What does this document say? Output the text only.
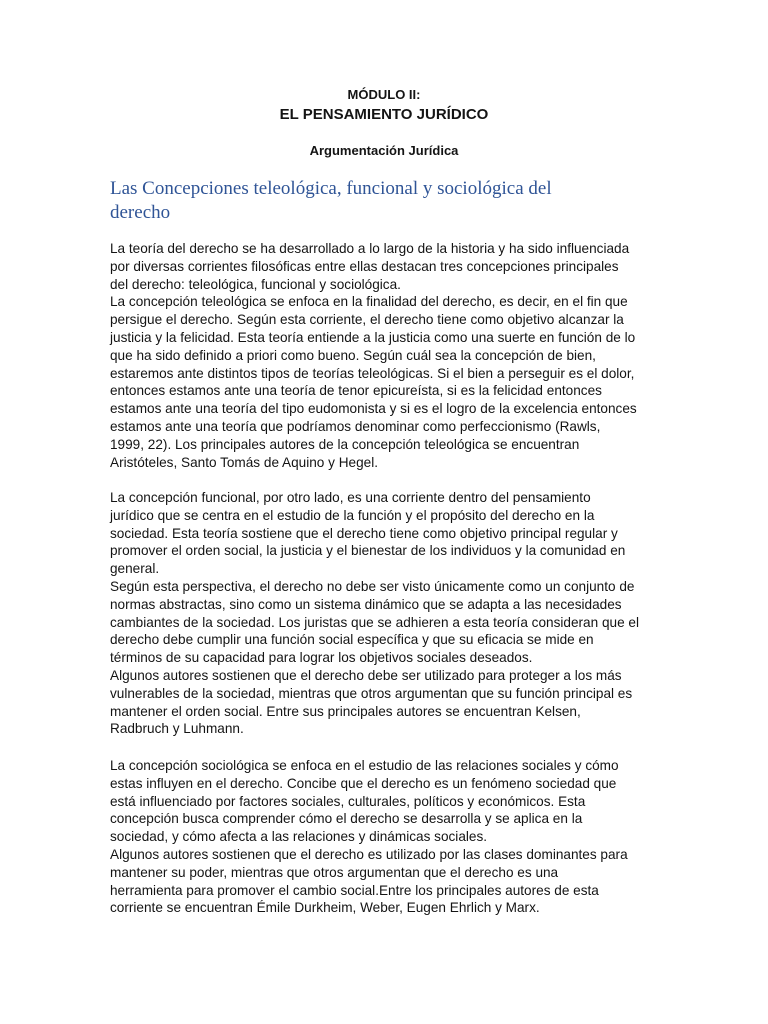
MÓDULO II:
EL PENSAMIENTO JURÍDICO
Argumentación Jurídica
Las Concepciones teleológica, funcional y sociológica del
derecho
La teoría del derecho se ha desarrollado a lo largo de la historia y ha sido influenciada
por diversas corrientes filosóficas entre ellas destacan tres concepciones principales
del derecho: teleológica, funcional y sociológica.
La concepción teleológica se enfoca en la finalidad del derecho, es decir, en el fin que
persigue el derecho. Según esta corriente, el derecho tiene como objetivo alcanzar la
justicia y la felicidad. Esta teoría entiende a la justicia como una suerte en función de lo
que ha sido definido a priori como bueno. Según cuál sea la concepción de bien,
estaremos ante distintos tipos de teorías teleológicas. Si el bien a perseguir es el dolor,
entonces estamos ante una teoría de tenor epicureísta, si es la felicidad entonces
estamos ante una teoría del tipo eudomonista y si es el logro de la excelencia entonces
estamos ante una teoría que podríamos denominar como perfeccionismo (Rawls,
1999, 22). Los principales autores de la concepción teleológica se encuentran
Aristóteles, Santo Tomás de Aquino y Hegel.
La concepción funcional, por otro lado, es una corriente dentro del pensamiento
jurídico que se centra en el estudio de la función y el propósito del derecho en la
sociedad. Esta teoría sostiene que el derecho tiene como objetivo principal regular y
promover el orden social, la justicia y el bienestar de los individuos y la comunidad en
general.
Según esta perspectiva, el derecho no debe ser visto únicamente como un conjunto de
normas abstractas, sino como un sistema dinámico que se adapta a las necesidades
cambiantes de la sociedad. Los juristas que se adhieren a esta teoría consideran que el
derecho debe cumplir una función social específica y que su eficacia se mide en
términos de su capacidad para lograr los objetivos sociales deseados.
Algunos autores sostienen que el derecho debe ser utilizado para proteger a los más
vulnerables de la sociedad, mientras que otros argumentan que su función principal es
mantener el orden social. Entre sus principales autores se encuentran Kelsen,
Radbruch y Luhmann.
La concepción sociológica se enfoca en el estudio de las relaciones sociales y cómo
estas influyen en el derecho. Concibe que el derecho es un fenómeno sociedad que
está influenciado por factores sociales, culturales, políticos y económicos. Esta
concepción busca comprender cómo el derecho se desarrolla y se aplica en la
sociedad, y cómo afecta a las relaciones y dinámicas sociales.
Algunos autores sostienen que el derecho es utilizado por las clases dominantes para
mantener su poder, mientras que otros argumentan que el derecho es una
herramienta para promover el cambio social.Entre los principales autores de esta
corriente se encuentran Émile Durkheim, Weber, Eugen Ehrlich y Marx.
